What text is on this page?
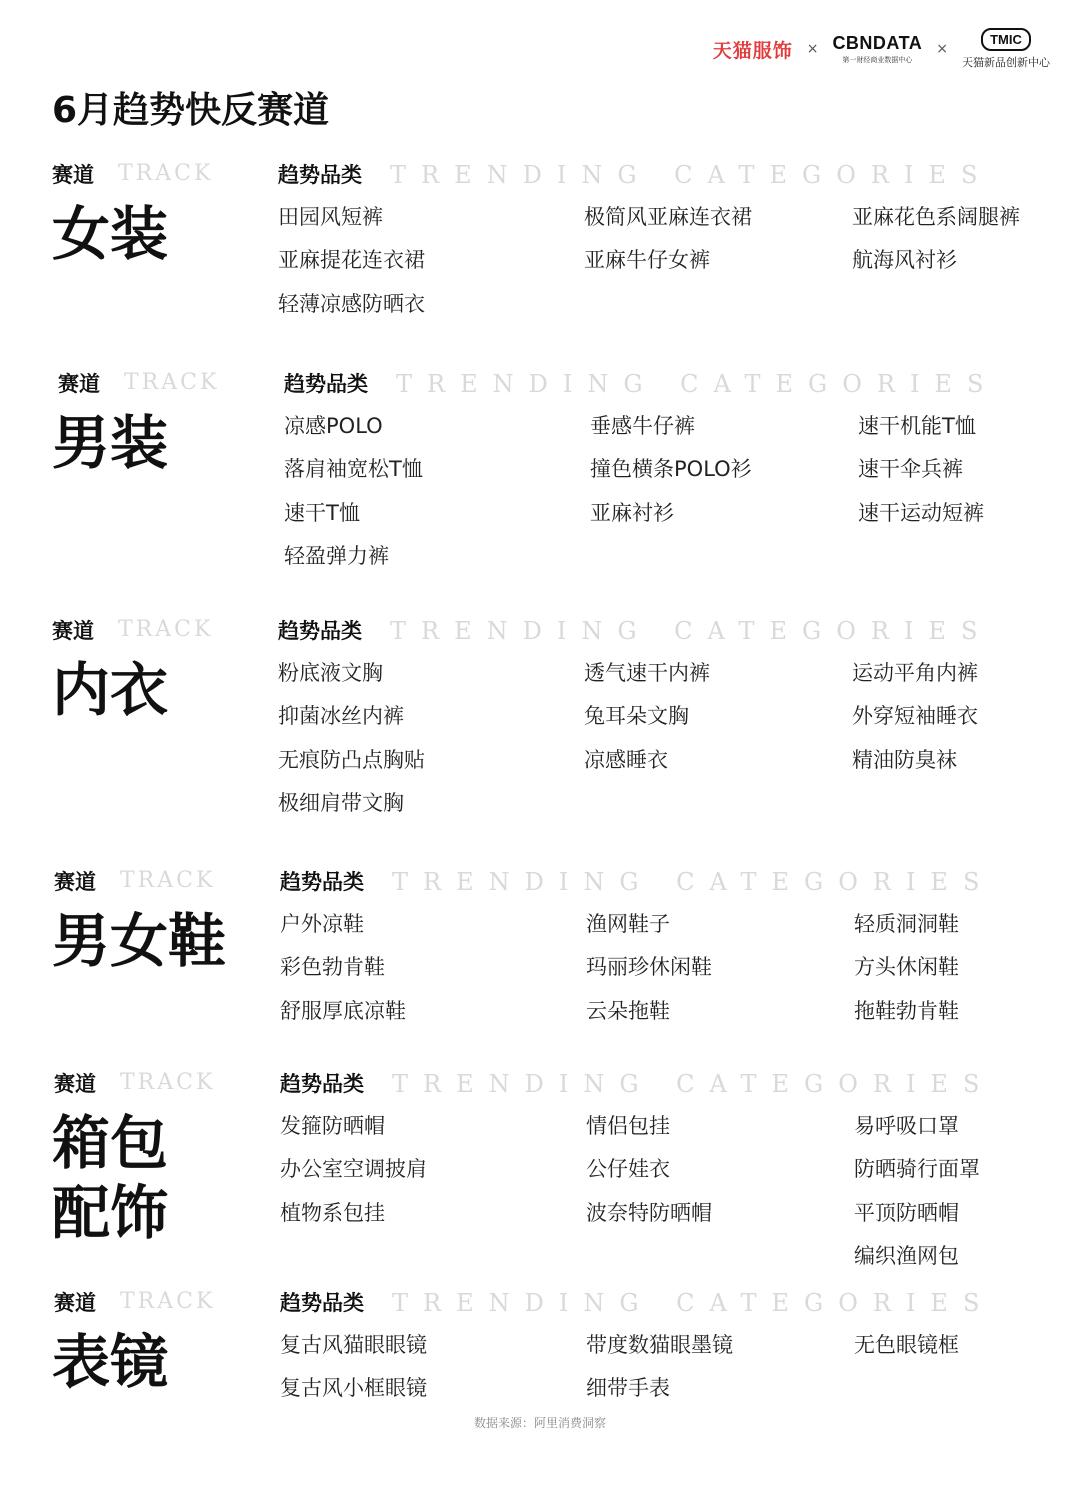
天猫服饰 × CBNDATA
第一财经商业数据中心
×
TMIC
天猫新品创新中心
6月趋势快反赛道
赛道 TRACK
女装
趋势品类 TRENDING CATEGORIES
田园风短裤
亚麻提花连衣裙
轻薄凉感防晒衣
极简风亚麻连衣裙
亚麻牛仔女裤
亚麻花色系阔腿裤
航海风衬衫
赛道 TRACK
男装
趋势品类 TRENDING CATEGORIES
凉感POLO
落肩袖宽松T恤
速干T恤
轻盈弹力裤
垂感牛仔裤
撞色横条POLO衫
亚麻衬衫
速干机能T恤
速干伞兵裤
速干运动短裤
赛道 TRACK
内衣
趋势品类 TRENDING CATEGORIES
粉底液文胸
抑菌冰丝内裤
无痕防凸点胸贴
极细肩带文胸
透气速干内裤
兔耳朵文胸
凉感睡衣
运动平角内裤
外穿短袖睡衣
精油防臭袜
赛道 TRACK
男女鞋
趋势品类 TRENDING CATEGORIES
户外凉鞋
彩色勃肯鞋
舒服厚底凉鞋
渔网鞋子
玛丽珍休闲鞋
云朵拖鞋
轻质洞洞鞋
方头休闲鞋
拖鞋勃肯鞋
赛道 TRACK
箱包
配饰
趋势品类 TRENDING CATEGORIES
发箍防晒帽
办公室空调披肩
植物系包挂
情侣包挂
公仔娃衣
波奈特防晒帽
易呼吸口罩
防晒骑行面罩
平顶防晒帽
编织渔网包
赛道 TRACK
表镜
趋势品类 TRENDING CATEGORIES
复古风猫眼眼镜
复古风小框眼镜
带度数猫眼墨镜
细带手表
无色眼镜框
数据来源：阿里消费洞察
